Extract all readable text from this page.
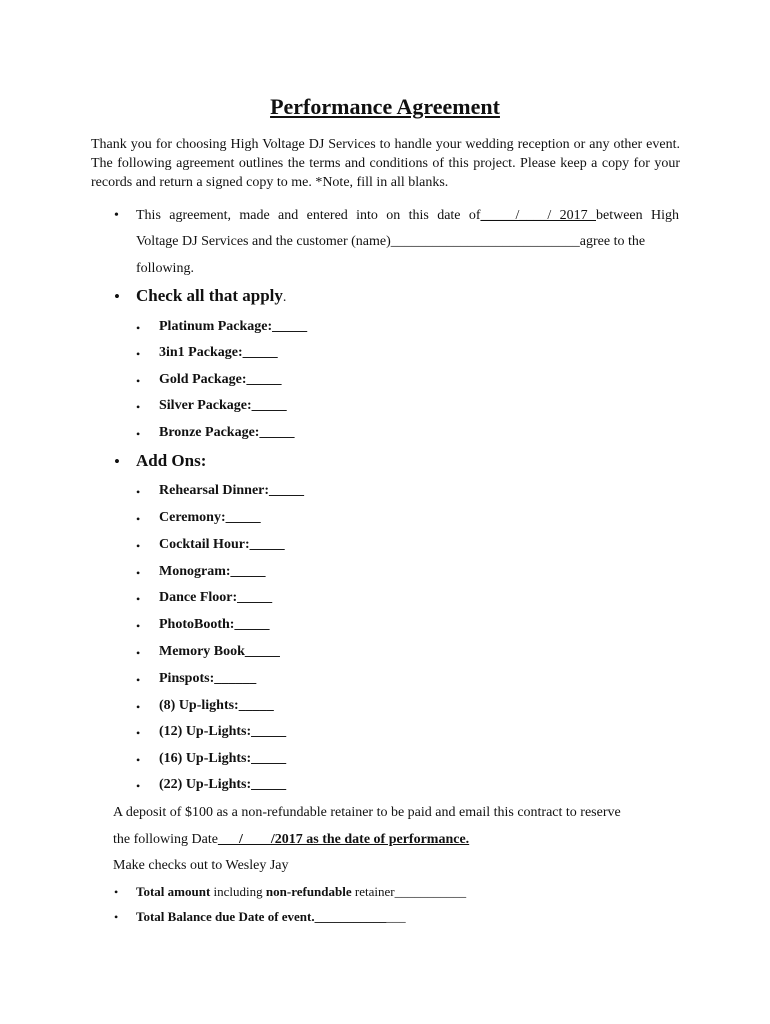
Performance Agreement
Thank you for choosing High Voltage DJ Services to handle your wedding reception or any other event. The following agreement outlines the terms and conditions of this project. Please keep a copy for your records and return a signed copy to me. *Note, fill in all blanks.
• This agreement, made and entered into on this date of_____/____/ 2017 between High
Voltage DJ Services and the customer (name)___________________________agree to the
following.
• Check all that apply.
• Platinum Package:_____
• 3in1 Package:_____
• Gold Package:_____
• Silver Package:_____
• Bronze Package:_____
• Add Ons:
• Rehearsal Dinner:_____
• Ceremony:_____
• Cocktail Hour:_____
• Monogram:_____
• Dance Floor:_____
• PhotoBooth:_____
• Memory Book_____
• Pinspots:______
• (8) Up-lights:_____
• (12) Up-Lights:_____
• (16) Up-Lights:_____
• (22) Up-Lights:_____
A deposit of $100 as a non-refundable retainer to be paid and email this contract to reserve
the following Date___/____/2017 as the date of performance.
Make checks out to Wesley Jay
• Total amount including non-refundable retainer___________
• Total Balance due Date of event.______________
